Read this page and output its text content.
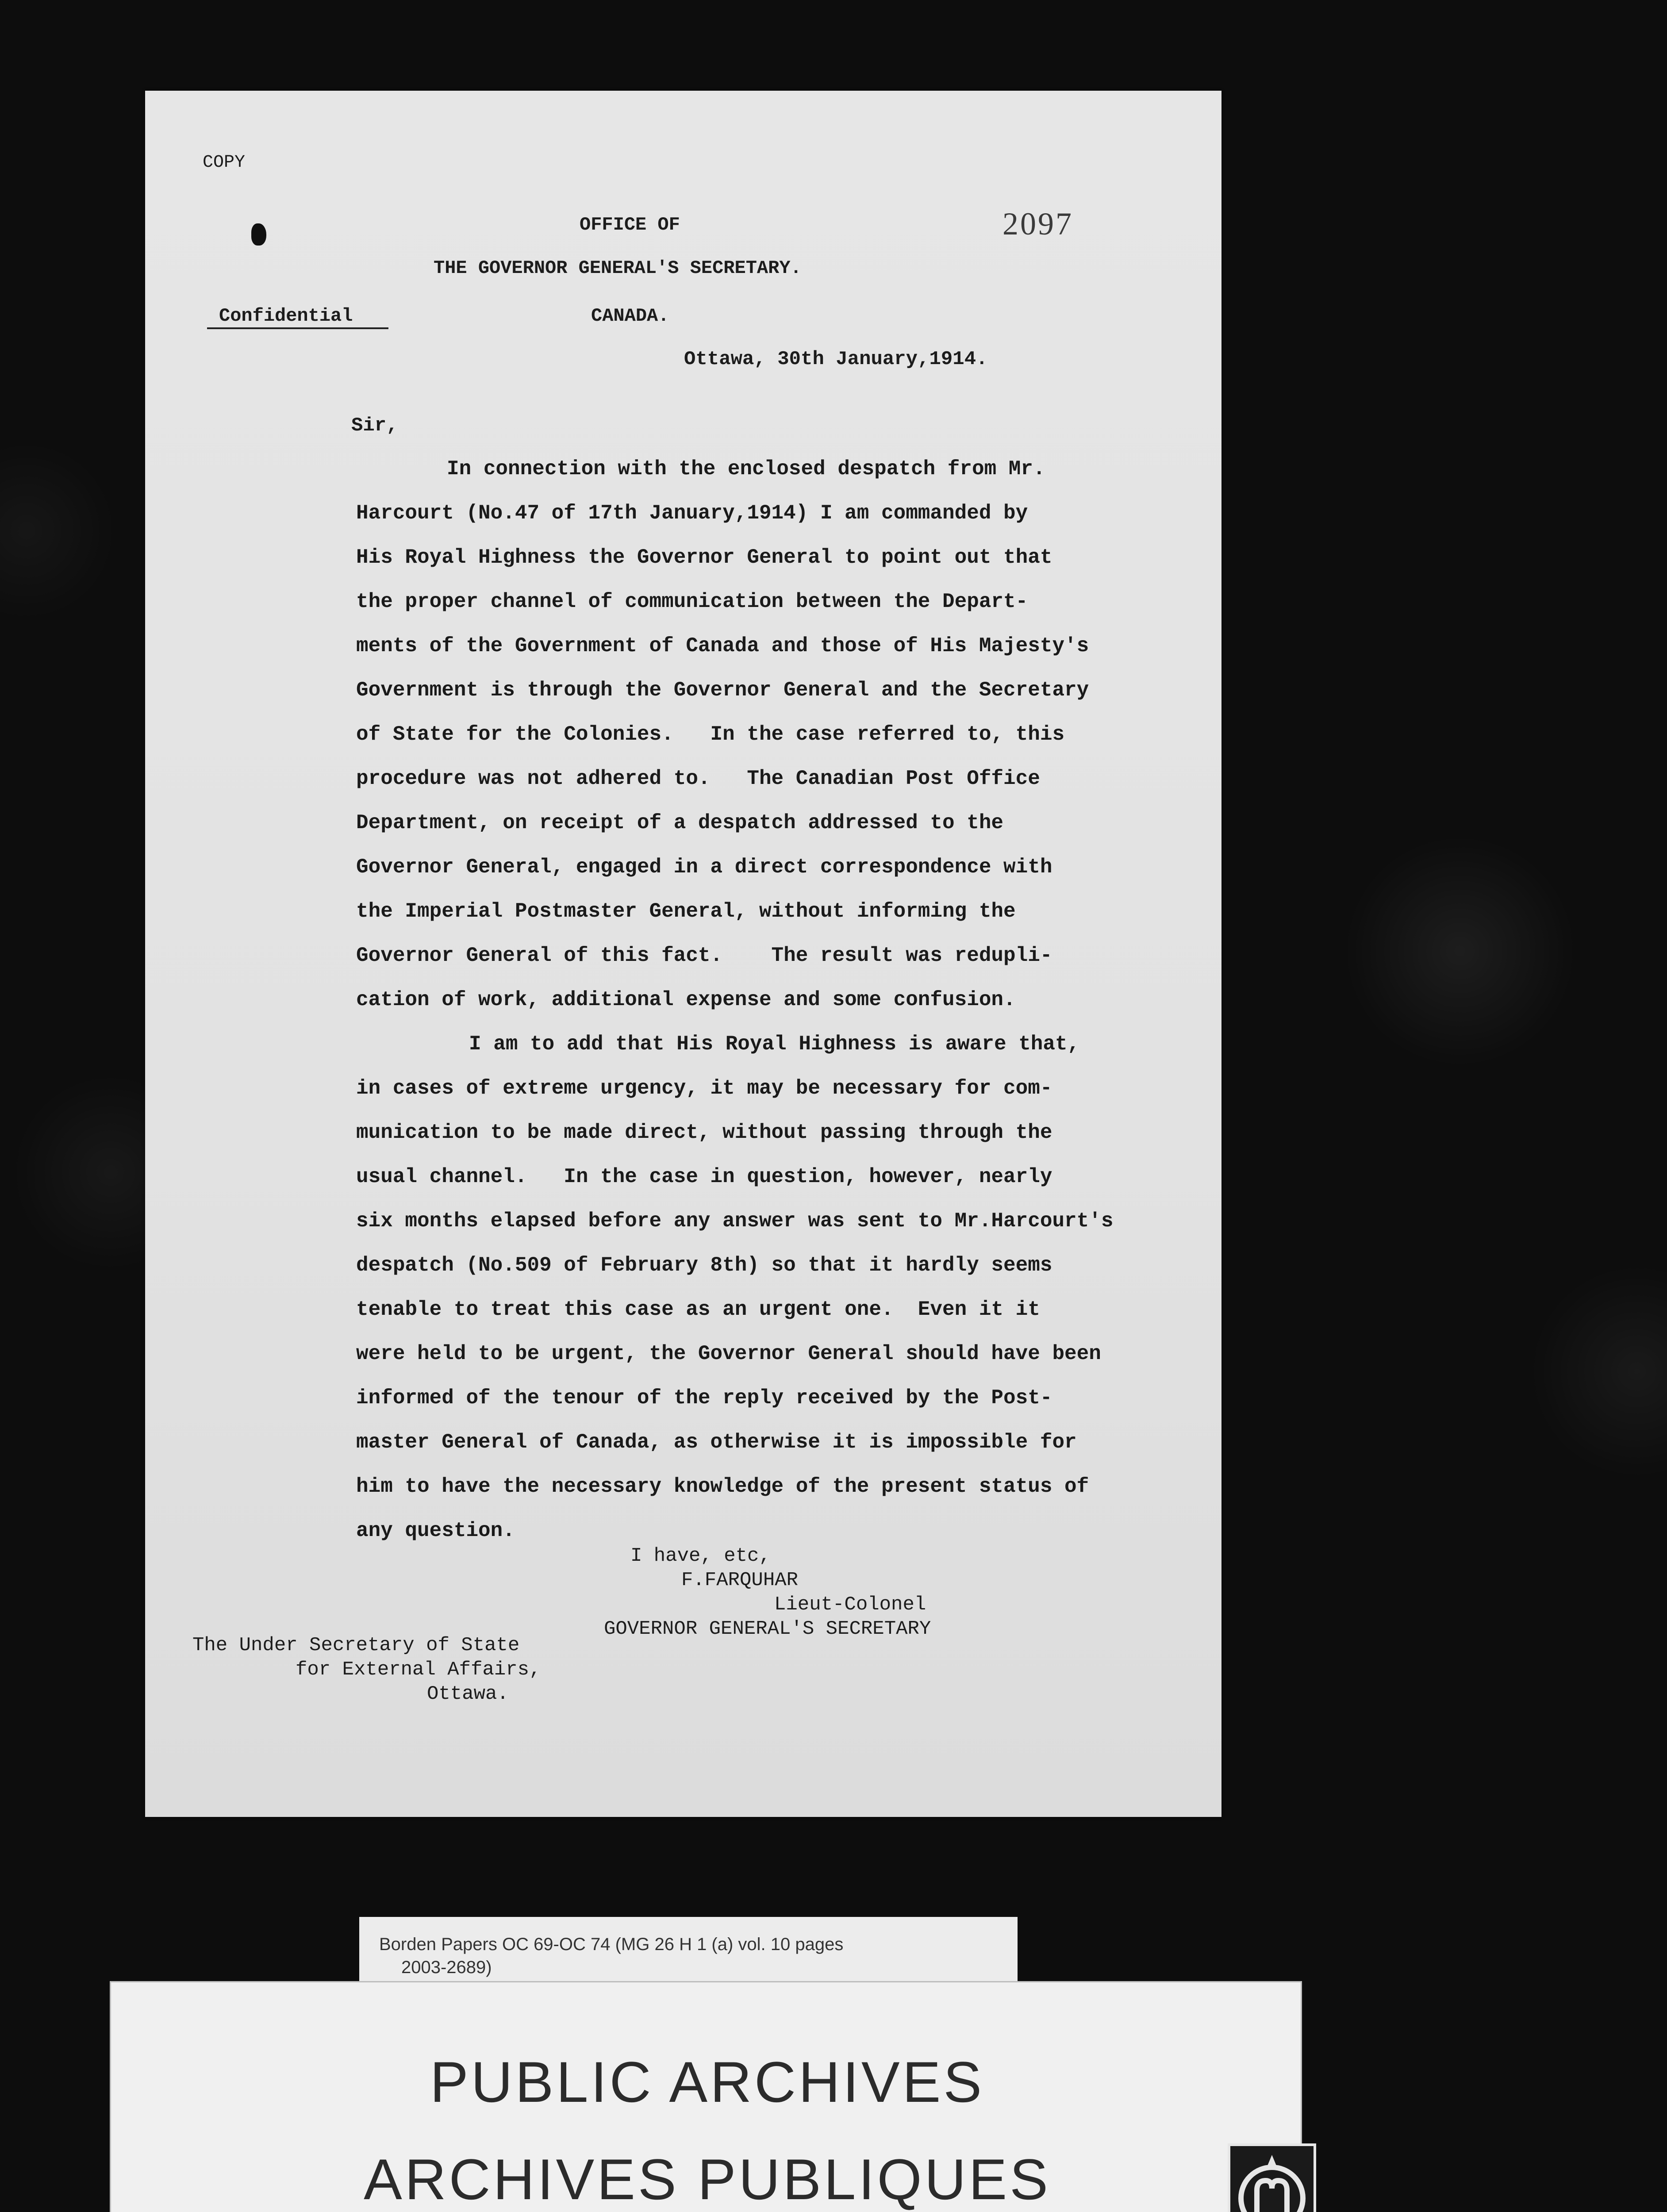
COPY
2097
OFFICE OF
THE GOVERNOR GENERAL'S SECRETARY.
Confidential	CANADA.
Ottawa, 30th January,1914.
Sir,
In connection with the enclosed despatch from Mr.
Harcourt (No.47 of 17th January,1914) I am commanded by
His Royal Highness the Governor General to point out that
the proper channel of communication between the Depart-
ments of the Government of Canada and those of His Majesty's
Government is through the Governor General and the Secretary
of State for the Colonies.   In the case referred to, this
procedure was not adhered to.   The Canadian Post Office
Department, on receipt of a despatch addressed to the
Governor General, engaged in a direct correspondence with
the Imperial Postmaster General, without informing the
Governor General of this fact.    The result was redupli-
cation of work, additional expense and some confusion.
I am to add that His Royal Highness is aware that,
in cases of extreme urgency, it may be necessary for com-
munication to be made direct, without passing through the
usual channel.   In the case in question, however, nearly
six months elapsed before any answer was sent to Mr.Harcourt's
despatch (No.509 of February 8th) so that it hardly seems
tenable to treat this case as an urgent one.  Even it it
were held to be urgent, the Governor General should have been
informed of the tenour of the reply received by the Post-
master General of Canada, as otherwise it is impossible for
him to have the necessary knowledge of the present status of
any question.
I have, etc,
F.FARQUHAR
Lieut-Colonel
GOVERNOR GENERAL'S SECRETARY
The Under Secretary of State
for External Affairs,
Ottawa.
Borden Papers OC 69-OC 74 (MG 26 H 1 (a) vol. 10 pages
2003-2689)
PUBLIC ARCHIVES
ARCHIVES PUBLIQUES
